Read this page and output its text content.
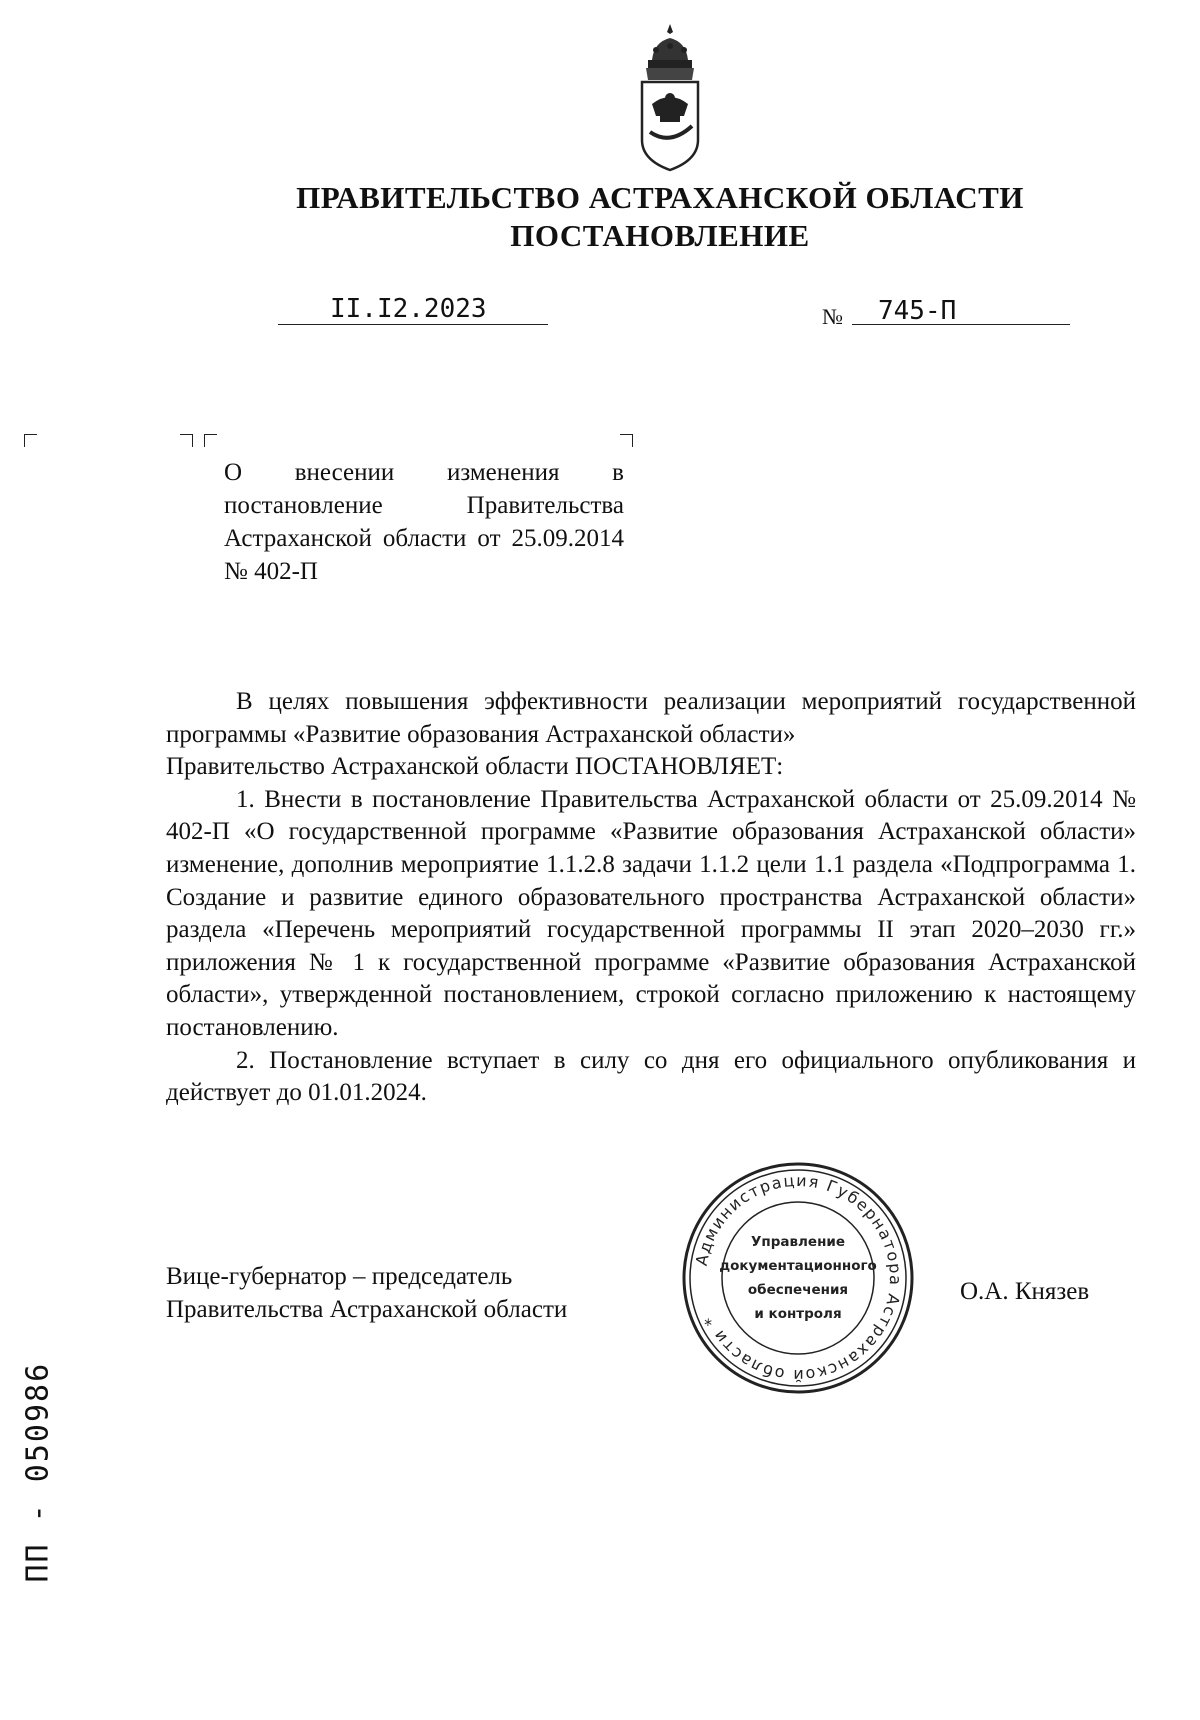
ПРАВИТЕЛЬСТВО АСТРАХАНСКОЙ ОБЛАСТИ
ПОСТАНОВЛЕНИЕ
II.I2.2023	№ 745-П
О внесении изменения в постановление Правительства Астраханской области от 25.09.2014 № 402-П

В целях повышения эффективности реализации мероприятий государственной программы «Развитие образования Астраханской области»

Правительство Астраханской области ПОСТАНОВЛЯЕТ:

1. Внести в постановление Правительства Астраханской области от 25.09.2014 № 402-П «О государственной программе «Развитие образования Астраханской области» изменение, дополнив мероприятие 1.1.2.8 задачи 1.1.2 цели 1.1 раздела «Подпрограмма 1. Создание и развитие единого образовательного пространства Астраханской области» раздела «Перечень мероприятий государственной программы II этап 2020–2030 гг.» приложения № 1 к государственной программе «Развитие образования Астраханской области», утвержденной постановлением, строкой согласно приложению к настоящему постановлению.

2. Постановление вступает в силу со дня его официального опубликования и действует до 01.01.2024.

Вице-губернатор – председатель
Правительства Астраханской области
О.А. Князев
Администрация Губернатора Астраханской области *
Управление
документационного
обеспечения
и контроля
ПП - 050986
